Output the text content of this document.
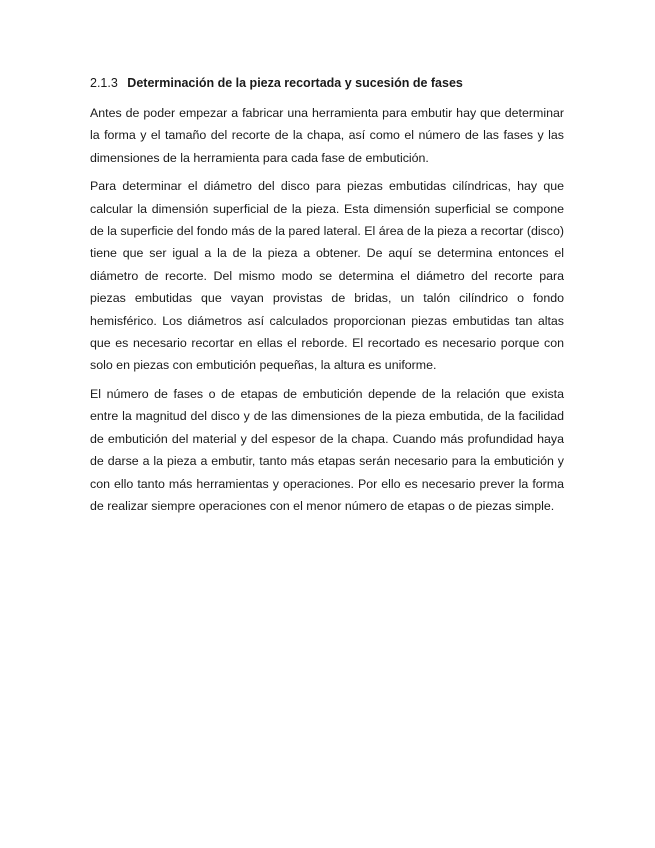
2.1.3 Determinación de la pieza recortada y sucesión de fases

Antes de poder empezar a fabricar una herramienta para embutir hay que determinar la forma y el tamaño del recorte de la chapa, así como el número de las fases y las dimensiones de la herramienta para cada fase de embutición.

Para determinar el diámetro del disco para piezas embutidas cilíndricas, hay que calcular la dimensión superficial de la pieza. Esta dimensión superficial se compone de la superficie del fondo más de la pared lateral. El área de la pieza a recortar (disco) tiene que ser igual a la de la pieza a obtener. De aquí se determina entonces el diámetro de recorte. Del mismo modo se determina el diámetro del recorte para piezas embutidas que vayan provistas de bridas, un talón cilíndrico o fondo hemisférico. Los diámetros así calculados proporcionan piezas embutidas tan altas que es necesario recortar en ellas el reborde. El recortado es necesario porque con solo en piezas con embutición pequeñas, la altura es uniforme.

El número de fases o de etapas de embutición depende de la relación que exista entre la magnitud del disco y de las dimensiones de la pieza embutida, de la facilidad de embutición del material y del espesor de la chapa. Cuando más profundidad haya de darse a la pieza a embutir, tanto más etapas serán necesario para la embutición y con ello tanto más herramientas y operaciones. Por ello es necesario prever la forma de realizar siempre operaciones con el menor número de etapas o de piezas simple.
